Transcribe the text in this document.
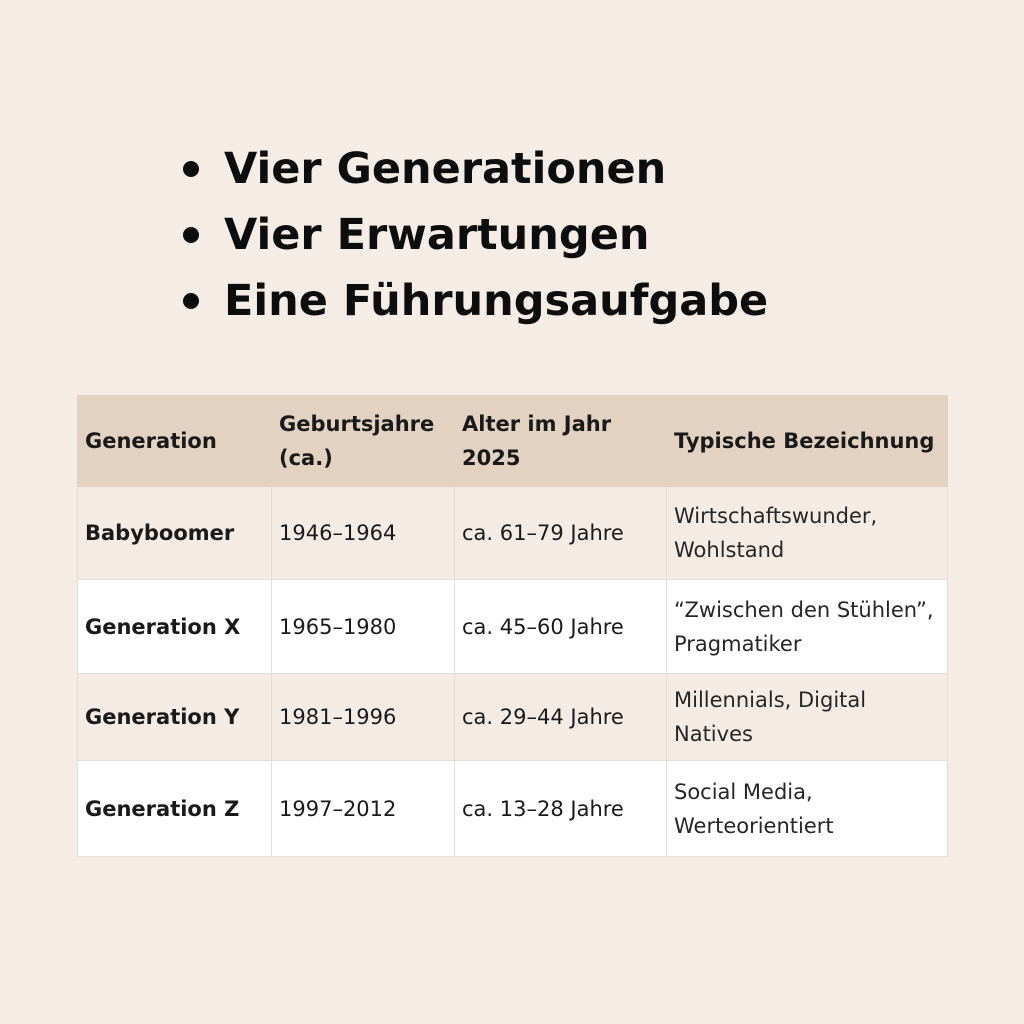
Vier Generationen
Vier Erwartungen
Eine Führungsaufgabe
Generation	Geburtsjahre (ca.)	Alter im Jahr 2025	Typische Bezeichnung
Babyboomer	1946–1964	ca. 61–79 Jahre	Wirtschaftswunder, Wohlstand
Generation X	1965–1980	ca. 45–60 Jahre	“Zwischen den Stühlen”, Pragmatiker
Generation Y	1981–1996	ca. 29–44 Jahre	Millennials, Digital Natives
Generation Z	1997–2012	ca. 13–28 Jahre	Social Media, Werteorientiert
